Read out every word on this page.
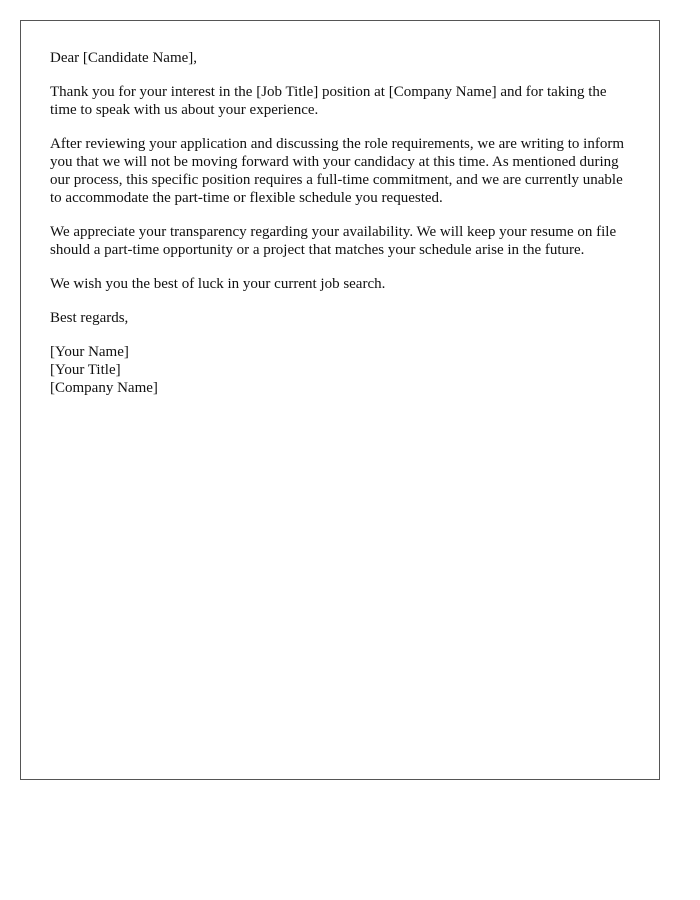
Dear [Candidate Name],

Thank you for your interest in the [Job Title] position at [Company Name] and for taking the time to speak with us about your experience.

After reviewing your application and discussing the role requirements, we are writing to inform you that we will not be moving forward with your candidacy at this time. As mentioned during our process, this specific position requires a full-time commitment, and we are currently unable to accommodate the part-time or flexible schedule you requested.

We appreciate your transparency regarding your availability. We will keep your resume on file should a part-time opportunity or a project that matches your schedule arise in the future.

We wish you the best of luck in your current job search.

Best regards,

[Your Name]
[Your Title]
[Company Name]
